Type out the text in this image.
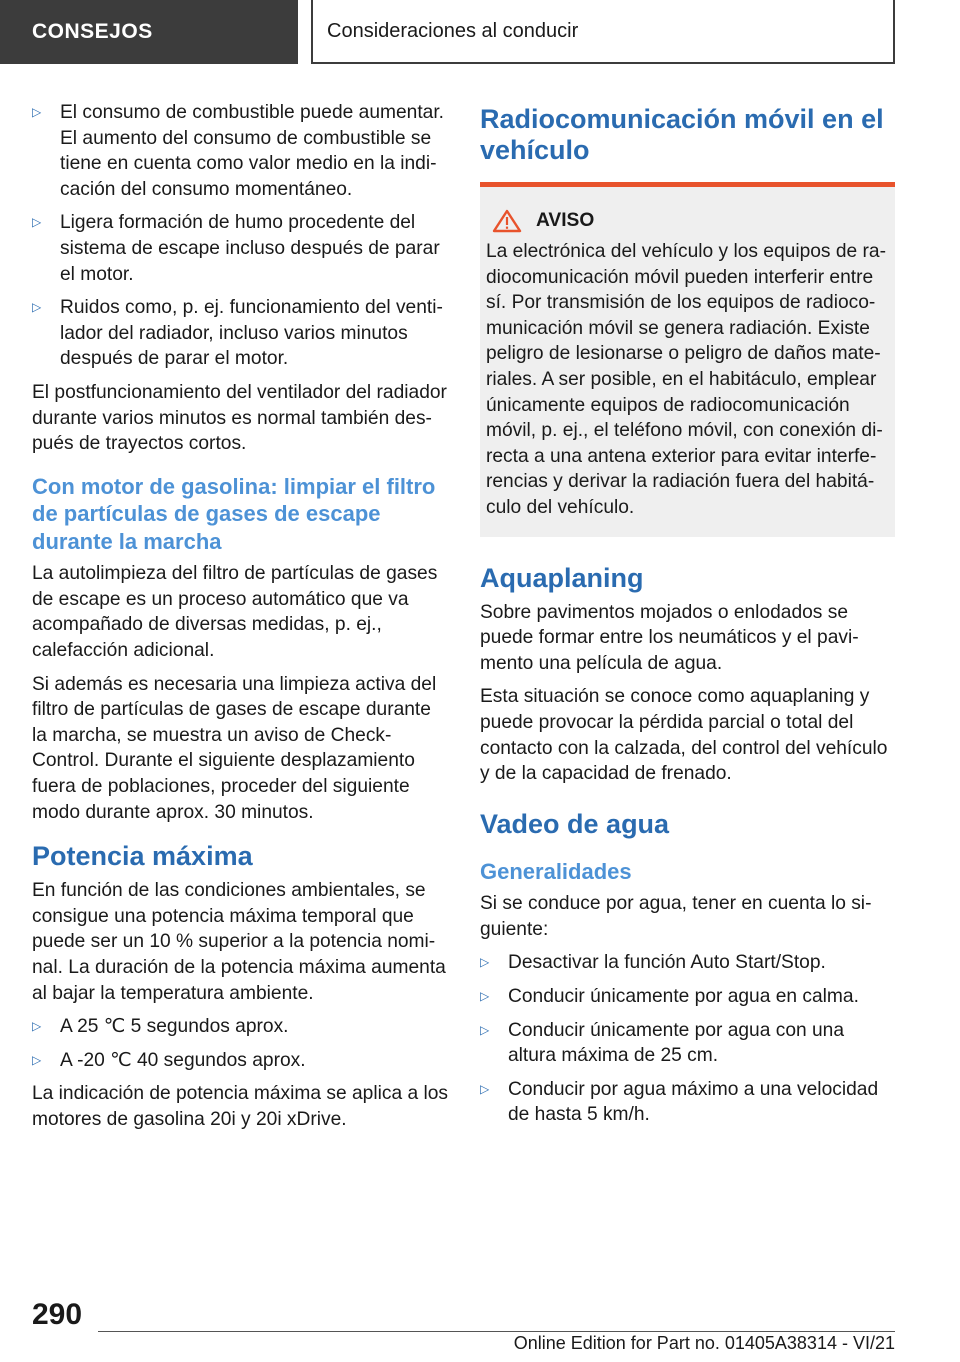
CONSEJOS	Consideraciones al conducir
▷ El consumo de combustible puede aumentar. El aumento del consumo de combustible se tiene en cuenta como valor medio en la indicación del consumo momentáneo.
▷ Ligera formación de humo procedente del sistema de escape incluso después de parar el motor.
▷ Ruidos como, p. ej. funcionamiento del ventilador del radiador, incluso varios minutos después de parar el motor.

El postfuncionamiento del ventilador del radiador durante varios minutos es normal también después de trayectos cortos.

Con motor de gasolina: limpiar el filtro de partículas de gases de escape durante la marcha

La autolimpieza del filtro de partículas de gases de escape es un proceso automático que va acompañado de diversas medidas, p. ej., calefacción adicional.

Si además es necesaria una limpieza activa del filtro de partículas de gases de escape durante la marcha, se muestra un aviso de Check-Control. Durante el siguiente desplazamiento fuera de poblaciones, proceder del siguiente modo durante aprox. 30 minutos.

Potencia máxima

En función de las condiciones ambientales, se consigue una potencia máxima temporal que puede ser un 10 % superior a la potencia nominal. La duración de la potencia máxima aumenta al bajar la temperatura ambiente.

▷ A 25 ℃ 5 segundos aprox.
▷ A -20 ℃ 40 segundos aprox.

La indicación de potencia máxima se aplica a los motores de gasolina 20i y 20i xDrive.

Radiocomunicación móvil en el vehículo
AVISO

La electrónica del vehículo y los equipos de radiocomunicación móvil pueden interferir entre sí. Por transmisión de los equipos de radiocomunicación móvil se genera radiación. Existe peligro de lesionarse o peligro de daños materiales. A ser posible, en el habitáculo, emplear únicamente equipos de radiocomunicación móvil, p. ej., el teléfono móvil, con conexión directa a una antena exterior para evitar interferencias y derivar la radiación fuera del habitáculo del vehículo.

Aquaplaning

Sobre pavimentos mojados o enlodados se puede formar entre los neumáticos y el pavimento una película de agua.

Esta situación se conoce como aquaplaning y puede provocar la pérdida parcial o total del contacto con la calzada, del control del vehículo y de la capacidad de frenado.

Vadeo de agua
Generalidades

Si se conduce por agua, tener en cuenta lo siguiente:

▷ Desactivar la función Auto Start/Stop.
▷ Conducir únicamente por agua en calma.
▷ Conducir únicamente por agua con una altura máxima de 25 cm.
▷ Conducir por agua máximo a una velocidad de hasta 5 km/h.
290
Online Edition for Part no. 01405A38314 - VI/21
